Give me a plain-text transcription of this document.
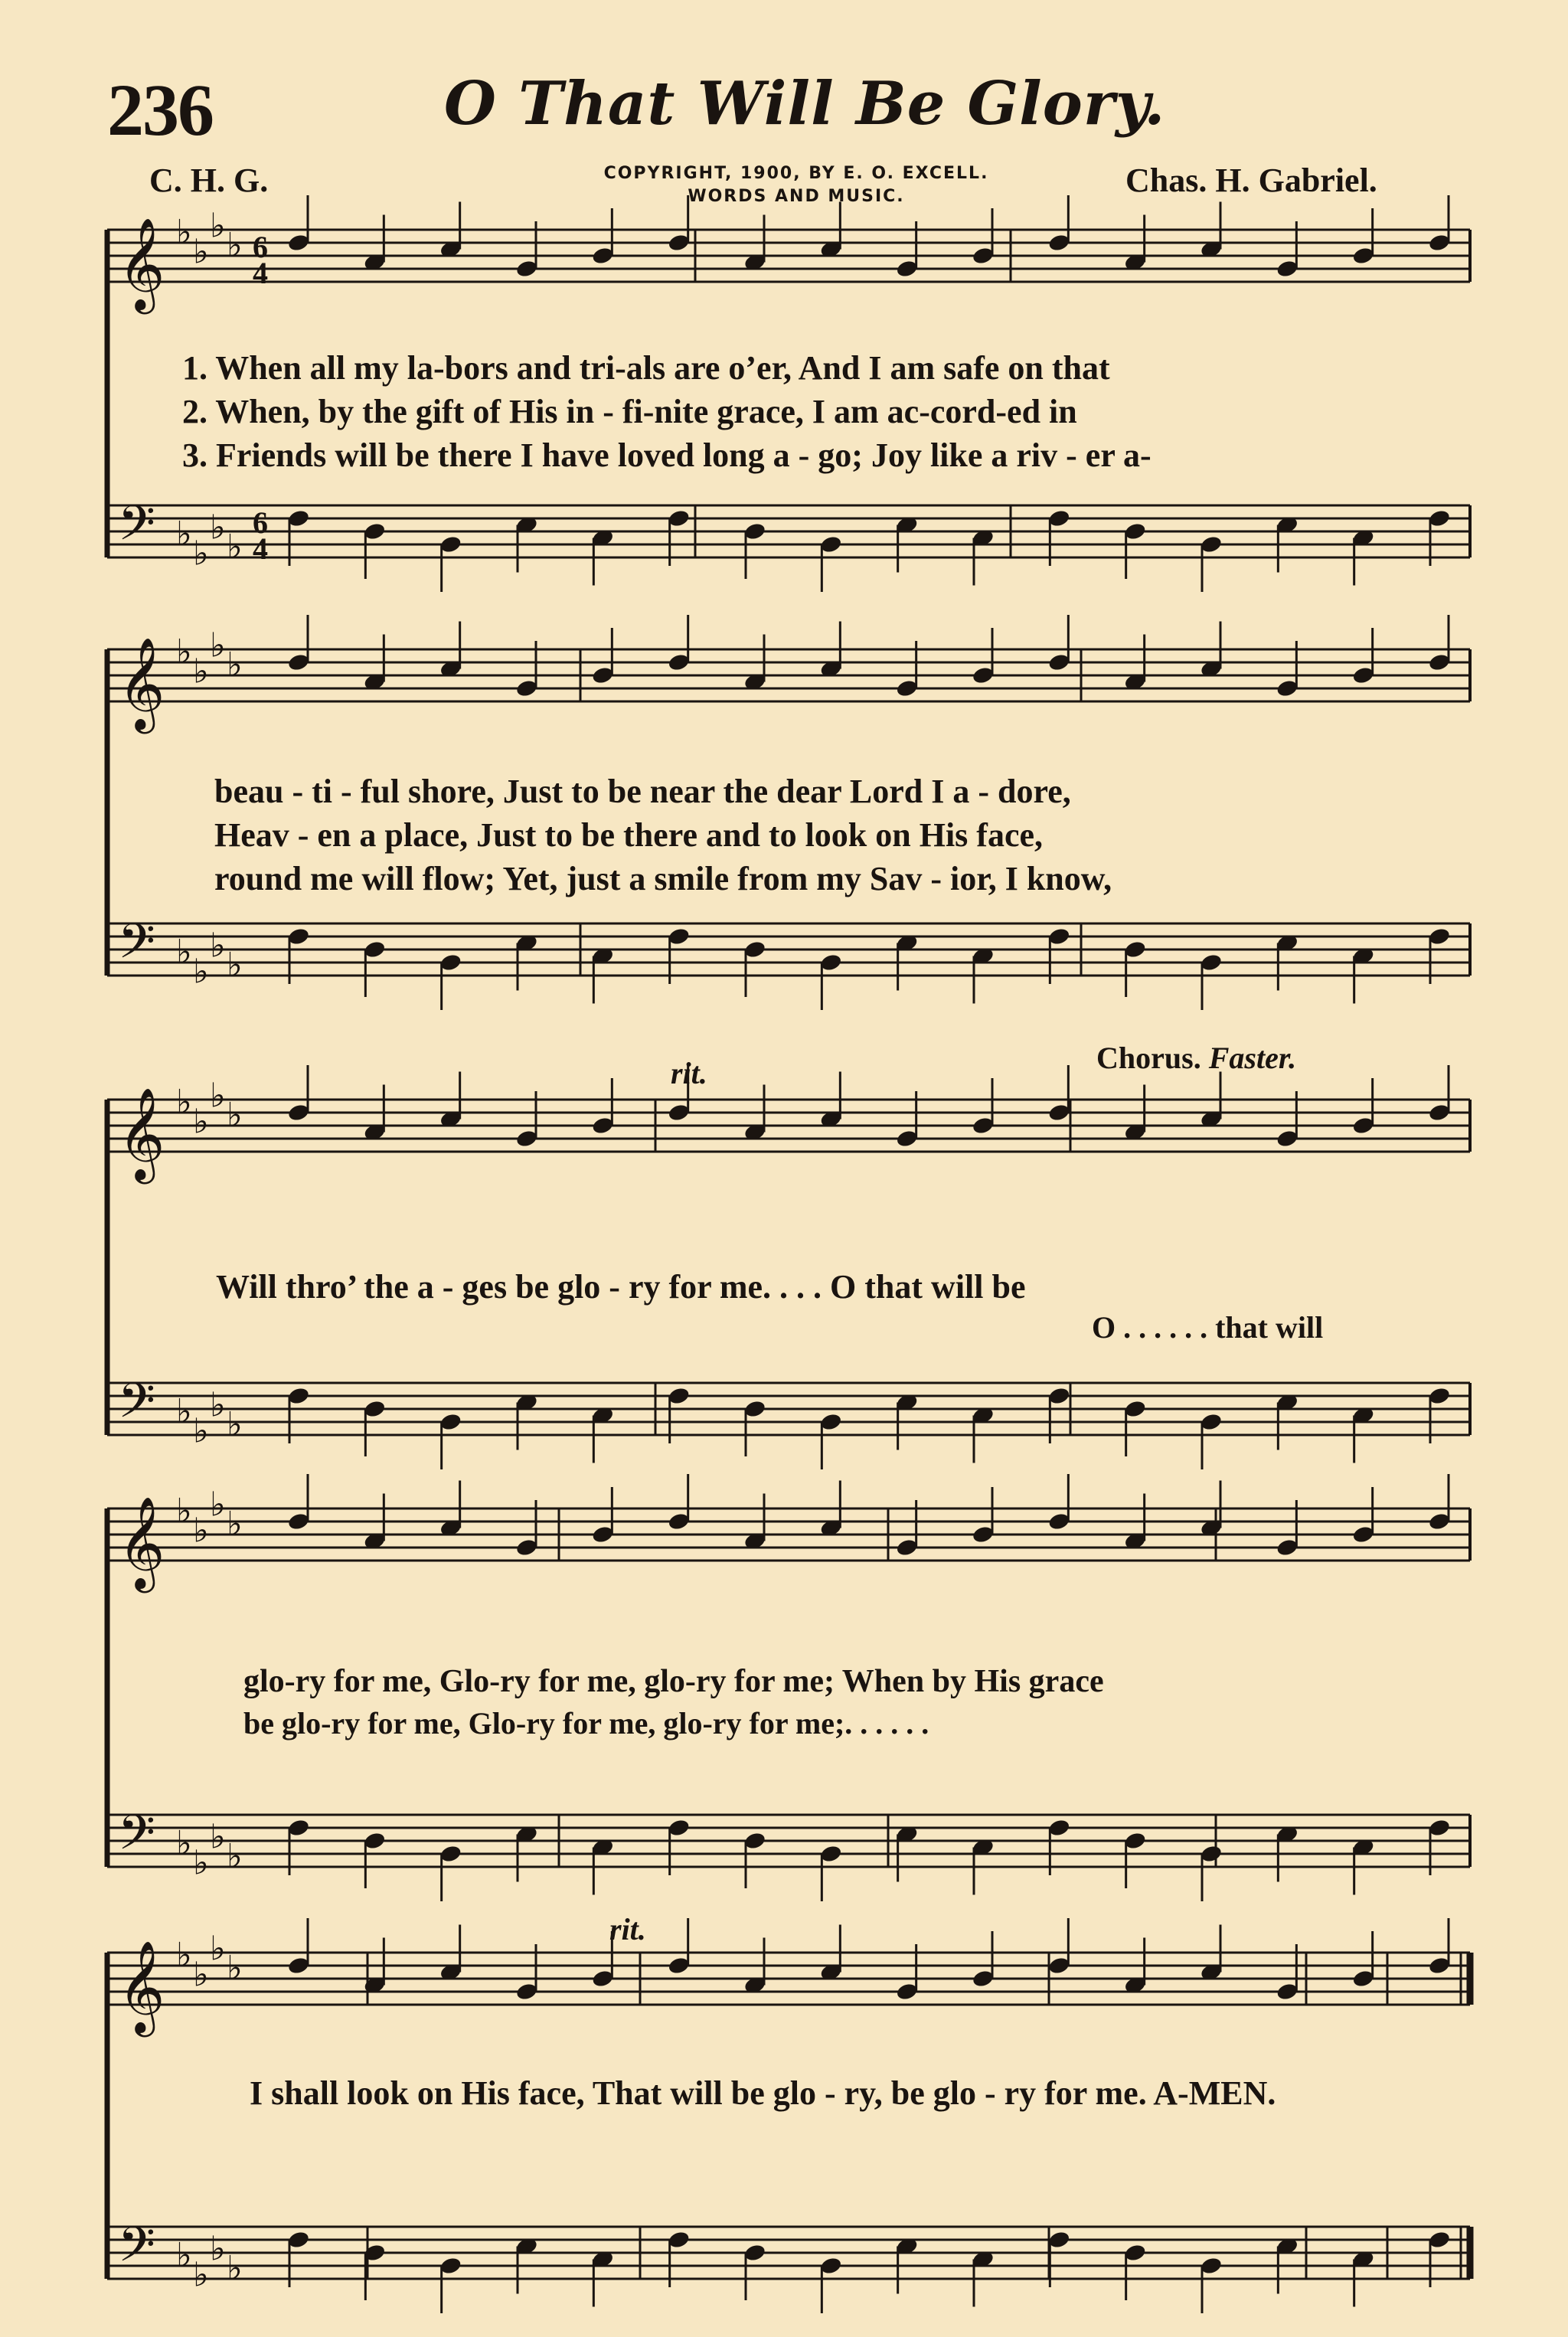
𝄞
𝄢
♭ ♭
♭ ♭
♭ ♭
♭ ♭
6
4
6
4
𝄞
𝄢
♭ ♭
♭ ♭
♭ ♭
♭ ♭
𝄞
𝄢
♭ ♭
♭ ♭
♭ ♭
♭ ♭
𝄞
𝄢
♭ ♭
♭ ♭
♭ ♭
♭ ♭
𝄞
𝄢
♭ ♭
♭ ♭
♭ ♭
♭ ♭
236	O That Will Be Glory.
C. H. G.	COPYRIGHT, 1900, BY E. O. EXCELL.
WORDS AND MUSIC.	Chas. H. Gabriel.
1. When all my la-bors and tri-als are o’er, And I am safe on that
2. When, by the gift of His in - fi-nite grace, I am ac-cord-ed in
3. Friends will be there I have loved long a - go; Joy like a riv - er a-
beau - ti - ful shore, Just to be near the dear Lord I a - dore,
Heav - en a place, Just to be there and to look on His face,
round me will flow; Yet, just a smile from my Sav - ior, I know,
rit.	Chorus. Faster.
Will thro’ the a - ges be glo - ry for me. . . . O that will be
O . . . . . . that will
glo-ry for me, Glo-ry for me, glo-ry for me; When by His grace
be glo-ry for me, Glo-ry for me, glo-ry for me;. . . . . .
rit.
I shall look on His face, That will be glo - ry, be glo - ry for me. A-MEN.
